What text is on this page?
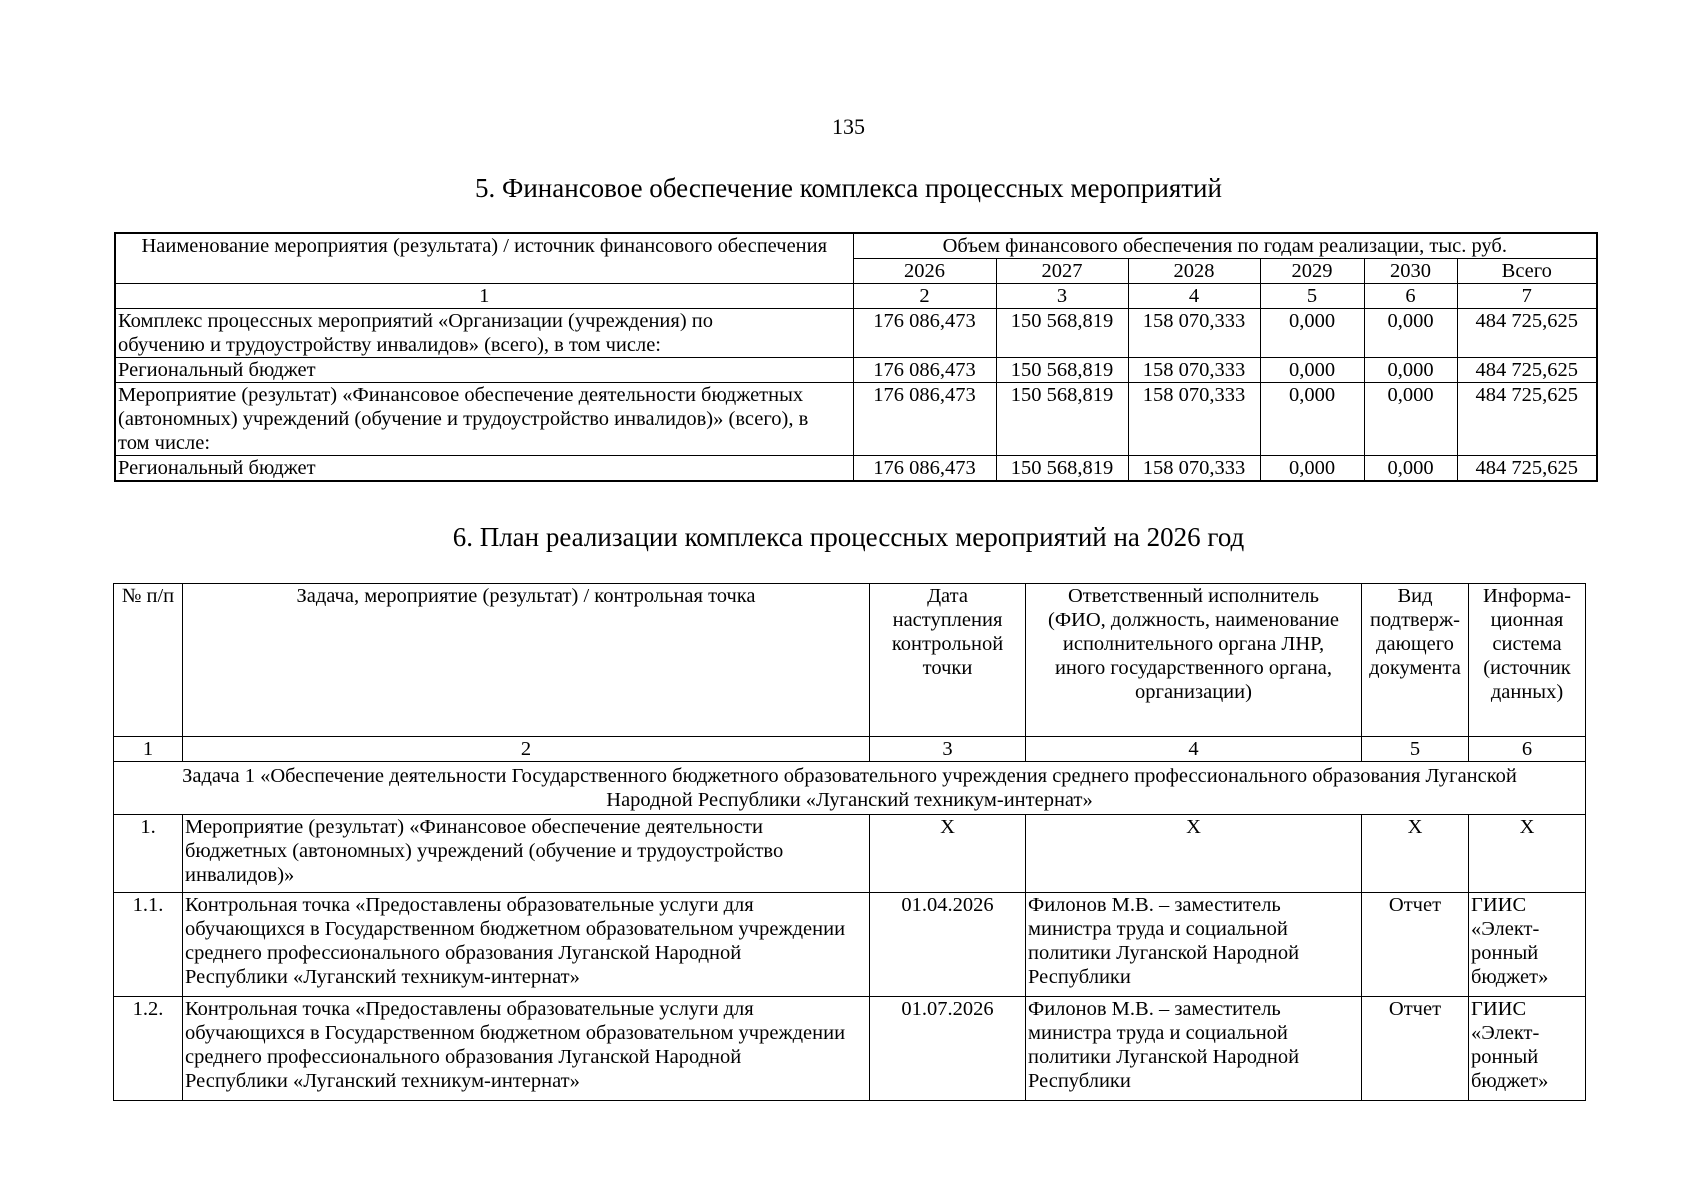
135
5. Финансовое обеспечение комплекса процессных мероприятий
Наименование мероприятия (результата) / источник финансового обеспечения	Объем финансового обеспечения по годам реализации, тыс. руб.					
	2026	2027	2028	2029	2030	Всего
1	2	3	4	5	6	7
Комплекс процессных мероприятий «Организации (учреждения) по обучению и трудоустройству инвалидов» (всего), в том числе:	176 086,473	150 568,819	158 070,333	0,000	0,000	484 725,625
Региональный бюджет	176 086,473	150 568,819	158 070,333	0,000	0,000	484 725,625
Мероприятие (результат) «Финансовое обеспечение деятельности бюджетных (автономных) учреждений (обучение и трудоустройство инвалидов)» (всего), в том числе:	176 086,473	150 568,819	158 070,333	0,000	0,000	484 725,625
Региональный бюджет	176 086,473	150 568,819	158 070,333	0,000	0,000	484 725,625
6. План реализации комплекса процессных мероприятий на 2026 год
№ п/п	Задача, мероприятие (результат) / контрольная точка	Дата наступления контрольной точки	Ответственный исполнитель (ФИО, должность, наименование исполнительного органа ЛНР, иного государственного органа, организации)	Вид подтверж-дающего документа	Информа-ционная система (источник данных)
1	2	3	4	5	6
Задача 1 «Обеспечение деятельности Государственного бюджетного образовательного учреждения среднего профессионального образования Луганской Народной Республики «Луганский техникум-интернат»					
1.	Мероприятие (результат) «Финансовое обеспечение деятельности бюджетных (автономных) учреждений (обучение и трудоустройство инвалидов)»	Х	Х	Х	Х
1.1.	Контрольная точка «Предоставлены образовательные услуги для обучающихся в Государственном бюджетном образовательном учреждении среднего профессионального образования Луганской Народной Республики «Луганский техникум-интернат»	01.04.2026	Филонов М.В. – заместитель министра труда и социальной политики Луганской Народной Республики	Отчет	ГИИС «Элект-ронный бюджет»
1.2.	Контрольная точка «Предоставлены образовательные услуги для обучающихся в Государственном бюджетном образовательном учреждении среднего профессионального образования Луганской Народной Республики «Луганский техникум-интернат»	01.07.2026	Филонов М.В. – заместитель министра труда и социальной политики Луганской Народной Республики	Отчет	ГИИС «Элект-ронный бюджет»
